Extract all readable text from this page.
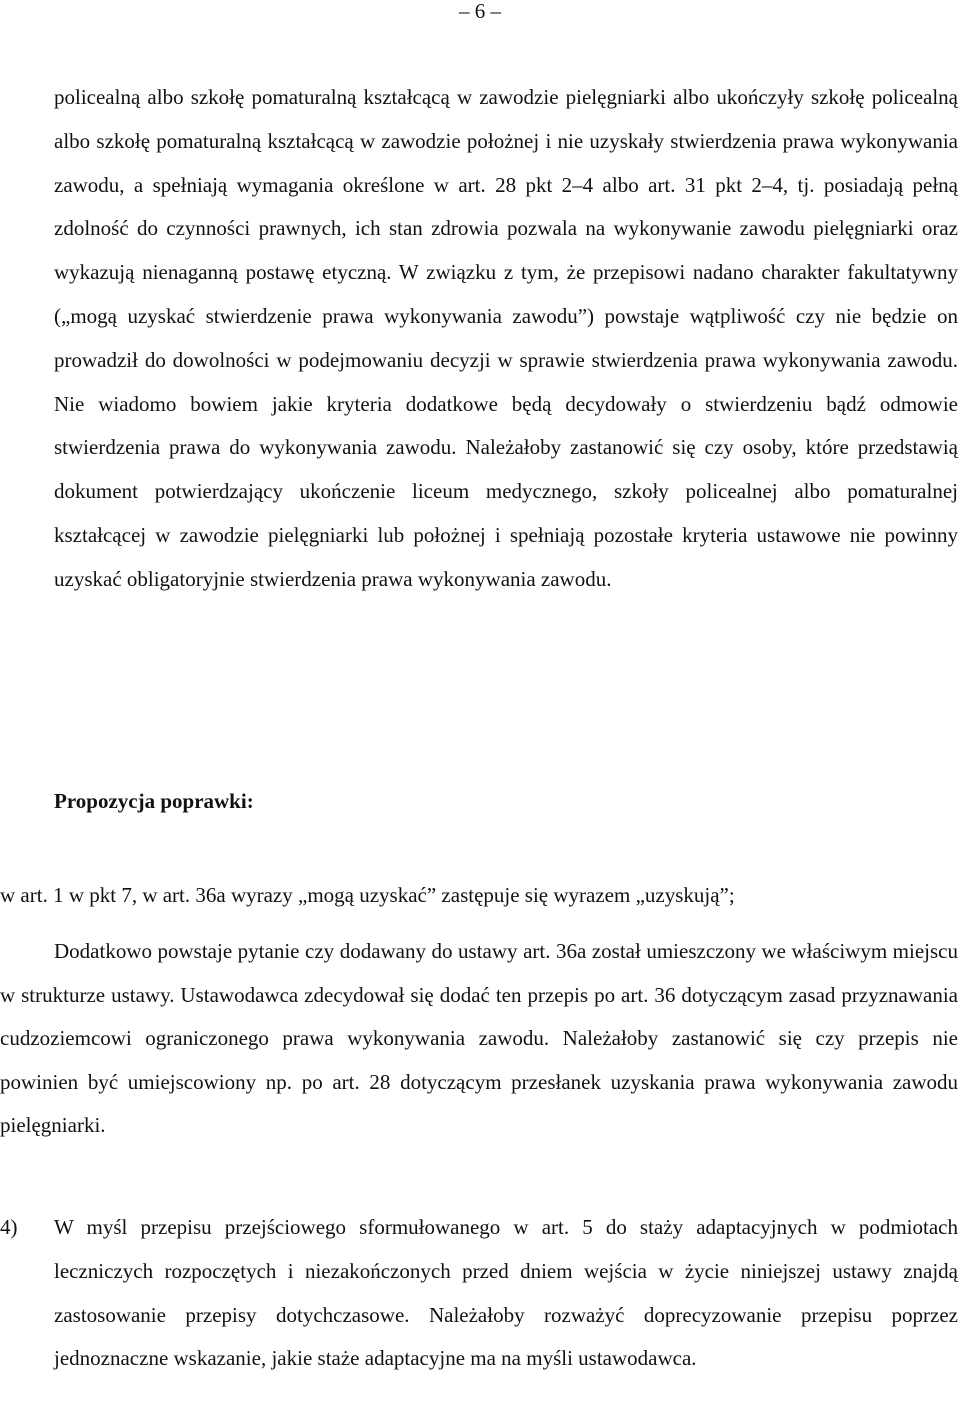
– 6 –
policealną albo szkołę pomaturalną kształcącą w zawodzie pielęgniarki albo ukończyły szkołę policealną albo szkołę pomaturalną kształcącą w zawodzie położnej i nie uzyskały stwierdzenia prawa wykonywania zawodu, a spełniają wymagania określone w art. 28 pkt 2–4 albo art. 31 pkt 2–4, tj. posiadają pełną zdolność do czynności prawnych, ich stan zdrowia pozwala na wykonywanie zawodu pielęgniarki oraz wykazują nienaganną postawę etyczną. W związku z tym, że przepisowi nadano charakter fakultatywny („mogą uzyskać stwierdzenie prawa wykonywania zawodu”) powstaje wątpliwość czy nie będzie on prowadził do dowolności w podejmowaniu decyzji w sprawie stwierdzenia prawa wykonywania zawodu. Nie wiadomo bowiem jakie kryteria dodatkowe będą decydowały o stwierdzeniu bądź odmowie stwierdzenia prawa do wykonywania zawodu. Należałoby zastanowić się czy osoby, które przedstawią dokument potwierdzający ukończenie liceum medycznego, szkoły policealnej albo pomaturalnej kształcącej w zawodzie pielęgniarki lub położnej i spełniają pozostałe kryteria ustawowe nie powinny uzyskać obligatoryjnie stwierdzenia prawa wykonywania zawodu.
Propozycja poprawki:
w art. 1 w pkt 7, w art. 36a wyrazy „mogą uzyskać” zastępuje się wyrazem „uzyskują”;
Dodatkowo powstaje pytanie czy dodawany do ustawy art. 36a został umieszczony we właściwym miejscu w strukturze ustawy. Ustawodawca zdecydował się dodać ten przepis po art. 36 dotyczącym zasad przyznawania cudzoziemcowi ograniczonego prawa wykonywania zawodu. Należałoby zastanowić się czy przepis nie powinien być umiejscowiony np. po art. 28 dotyczącym przesłanek uzyskania prawa wykonywania zawodu pielęgniarki.
4)	W myśl przepisu przejściowego sformułowanego w art. 5 do staży adaptacyjnych w podmiotach leczniczych rozpoczętych i niezakończonych przed dniem wejścia w życie niniejszej ustawy znajdą zastosowanie przepisy dotychczasowe. Należałoby rozważyć doprecyzowanie przepisu poprzez jednoznaczne wskazanie, jakie staże adaptacyjne ma na myśli ustawodawca.
